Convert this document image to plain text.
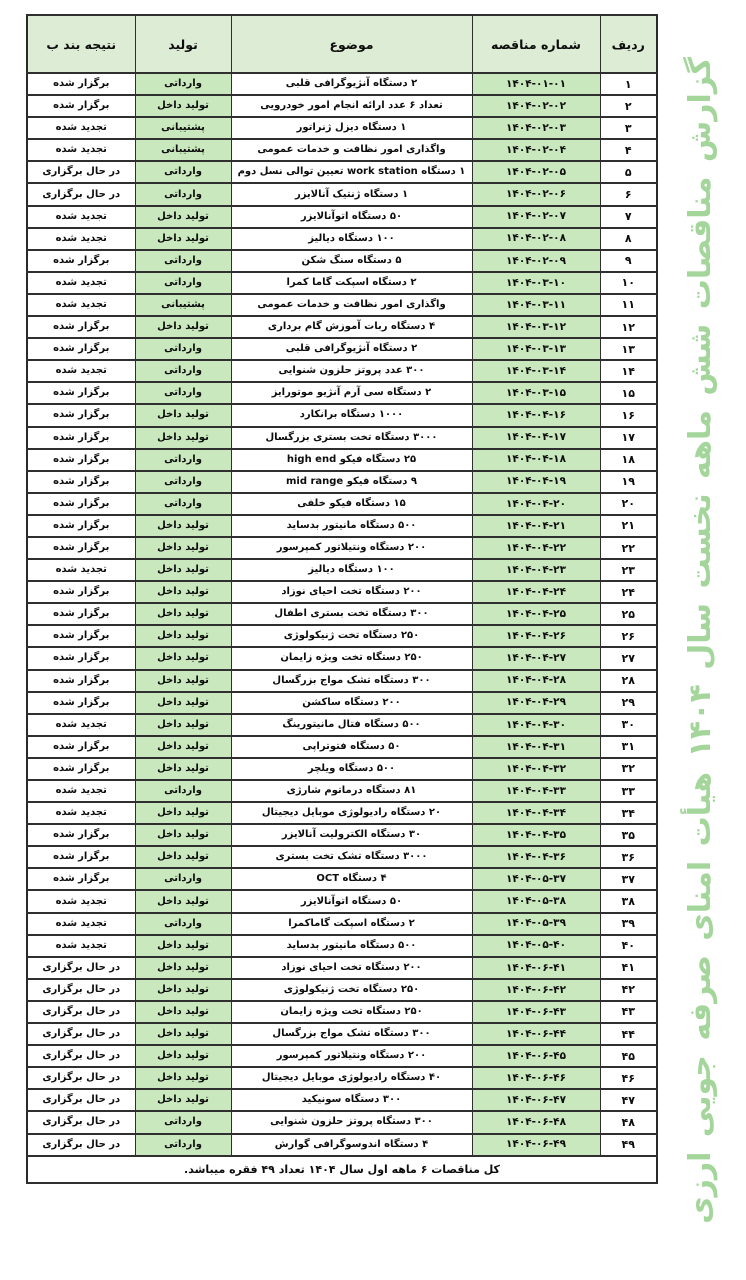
ردیف	شماره مناقصه	موضوع	تولید	نتیجه بند ب
۱	۱۴۰۴-۰۱-۰۱	۲ دستگاه آنژیوگرافی قلبی	وارداتی	برگزار شده
۲	۱۴۰۴-۰۲-۰۲	تعداد ۶ عدد ارائه انجام امور خودرویی	تولید داخل	برگزار شده
۳	۱۴۰۴-۰۲-۰۳	۱ دستگاه دیزل ژنراتور	پشتیبانی	تجدید شده
۴	۱۴۰۴-۰۲-۰۴	واگذاری امور نظافت و خدمات عمومی	پشتیبانی	تجدید شده
۵	۱۴۰۴-۰۲-۰۵	۱ دستگاه work station تعیین توالی نسل دوم	وارداتی	در حال برگزاری
۶	۱۴۰۴-۰۲-۰۶	۱ دستگاه ژنتیک آنالایزر	وارداتی	در حال برگزاری
۷	۱۴۰۴-۰۲-۰۷	۵۰ دستگاه اتوآنالایزر	تولید داخل	تجدید شده
۸	۱۴۰۴-۰۲-۰۸	۱۰۰ دستگاه دیالیز	تولید داخل	تجدید شده
۹	۱۴۰۴-۰۲-۰۹	۵ دستگاه سنگ شکن	وارداتی	برگزار شده
۱۰	۱۴۰۴-۰۳-۱۰	۲ دستگاه اسپکت گاما کمرا	وارداتی	تجدید شده
۱۱	۱۴۰۴-۰۳-۱۱	واگذاری امور نظافت و خدمات عمومی	پشتیبانی	تجدید شده
۱۲	۱۴۰۴-۰۳-۱۲	۴ دستگاه ربات آموزش گام برداری	تولید داخل	برگزار شده
۱۳	۱۴۰۴-۰۳-۱۳	۲ دستگاه آنژیوگرافی قلبی	وارداتی	برگزار شده
۱۴	۱۴۰۴-۰۳-۱۴	۳۰۰ عدد پروتز حلزون شنوایی	وارداتی	تجدید شده
۱۵	۱۴۰۴-۰۳-۱۵	۲ دستگاه سی آرم آنژیو موتورایز	وارداتی	برگزار شده
۱۶	۱۴۰۴-۰۴-۱۶	۱۰۰۰ دستگاه برانکارد	تولید داخل	برگزار شده
۱۷	۱۴۰۴-۰۴-۱۷	۳۰۰۰ دستگاه تخت بستری بزرگسال	تولید داخل	برگزار شده
۱۸	۱۴۰۴-۰۴-۱۸	۲۵ دستگاه فیکو high end	وارداتی	برگزار شده
۱۹	۱۴۰۴-۰۴-۱۹	۹ دستگاه فیکو mid range	وارداتی	برگزار شده
۲۰	۱۴۰۴-۰۴-۲۰	۱۵ دستگاه فیکو خلفی	وارداتی	برگزار شده
۲۱	۱۴۰۴-۰۴-۲۱	۵۰۰ دستگاه مانیتور بدساید	تولید داخل	برگزار شده
۲۲	۱۴۰۴-۰۴-۲۲	۲۰۰ دستگاه ونتیلاتور کمپرسور	تولید داخل	برگزار شده
۲۳	۱۴۰۴-۰۴-۲۳	۱۰۰ دستگاه دیالیز	تولید داخل	تجدید شده
۲۴	۱۴۰۴-۰۴-۲۴	۲۰۰ دستگاه تخت احیای نوزاد	تولید داخل	برگزار شده
۲۵	۱۴۰۴-۰۴-۲۵	۳۰۰ دستگاه تخت بستری اطفال	تولید داخل	برگزار شده
۲۶	۱۴۰۴-۰۴-۲۶	۲۵۰ دستگاه تخت ژنیکولوژی	تولید داخل	برگزار شده
۲۷	۱۴۰۴-۰۴-۲۷	۲۵۰ دستگاه تخت ویژه زایمان	تولید داخل	برگزار شده
۲۸	۱۴۰۴-۰۴-۲۸	۳۰۰ دستگاه تشک مواج بزرگسال	تولید داخل	برگزار شده
۲۹	۱۴۰۴-۰۴-۲۹	۲۰۰ دستگاه ساکشن	تولید داخل	برگزار شده
۳۰	۱۴۰۴-۰۴-۳۰	۵۰۰ دستگاه فتال مانیتورینگ	تولید داخل	تجدید شده
۳۱	۱۴۰۴-۰۴-۳۱	۵۰ دستگاه فتوتراپی	تولید داخل	برگزار شده
۳۲	۱۴۰۴-۰۴-۳۲	۵۰۰ دستگاه ویلچر	تولید داخل	برگزار شده
۳۳	۱۴۰۴-۰۴-۳۳	۸۱ دستگاه درماتوم شارژی	وارداتی	تجدید شده
۳۴	۱۴۰۴-۰۴-۳۴	۲۰ دستگاه رادیولوژی موبایل دیجیتال	تولید داخل	تجدید شده
۳۵	۱۴۰۴-۰۴-۳۵	۳۰ دستگاه الکترولیت آنالایزر	تولید داخل	برگزار شده
۳۶	۱۴۰۴-۰۴-۳۶	۳۰۰۰ دستگاه تشک تخت بستری	تولید داخل	برگزار شده
۳۷	۱۴۰۴-۰۵-۳۷	۴ دستگاه OCT	وارداتی	برگزار شده
۳۸	۱۴۰۴-۰۵-۳۸	۵۰ دستگاه اتوآنالایزر	تولید داخل	تجدید شده
۳۹	۱۴۰۴-۰۵-۳۹	۲ دستگاه اسپکت گاماکمرا	وارداتی	تجدید شده
۴۰	۱۴۰۴-۰۵-۴۰	۵۰۰ دستگاه مانیتور بدساید	تولید داخل	تجدید شده
۴۱	۱۴۰۴-۰۶-۴۱	۲۰۰ دستگاه تخت احیای نوزاد	تولید داخل	در حال برگزاری
۴۲	۱۴۰۴-۰۶-۴۲	۲۵۰ دستگاه تخت ژنیکولوژی	تولید داخل	در حال برگزاری
۴۳	۱۴۰۴-۰۶-۴۳	۲۵۰ دستگاه تخت ویژه زایمان	تولید داخل	در حال برگزاری
۴۴	۱۴۰۴-۰۶-۴۴	۳۰۰ دستگاه تشک مواج بزرگسال	تولید داخل	در حال برگزاری
۴۵	۱۴۰۴-۰۶-۴۵	۲۰۰ دستگاه ونتیلاتور کمپرسور	تولید داخل	در حال برگزاری
۴۶	۱۴۰۴-۰۶-۴۶	۴۰ دستگاه رادیولوژی موبایل دیجیتال	تولید داخل	در حال برگزاری
۴۷	۱۴۰۴-۰۶-۴۷	۳۰۰ دستگاه سونیکید	تولید داخل	در حال برگزاری
۴۸	۱۴۰۴-۰۶-۴۸	۳۰۰ دستگاه پروتز حلزون شنوایی	وارداتی	در حال برگزاری
۴۹	۱۴۰۴-۰۶-۴۹	۴ دستگاه اندوسوگرافی گوارش	وارداتی	در حال برگزاری
کل مناقصات ۶ ماهه اول سال ۱۴۰۴ تعداد ۴۹ فقره میباشد.					گزارش مناقصات شش ماهه نخست سال ۱۴۰۴ هیأت امنای صرفه جویی ارزی
